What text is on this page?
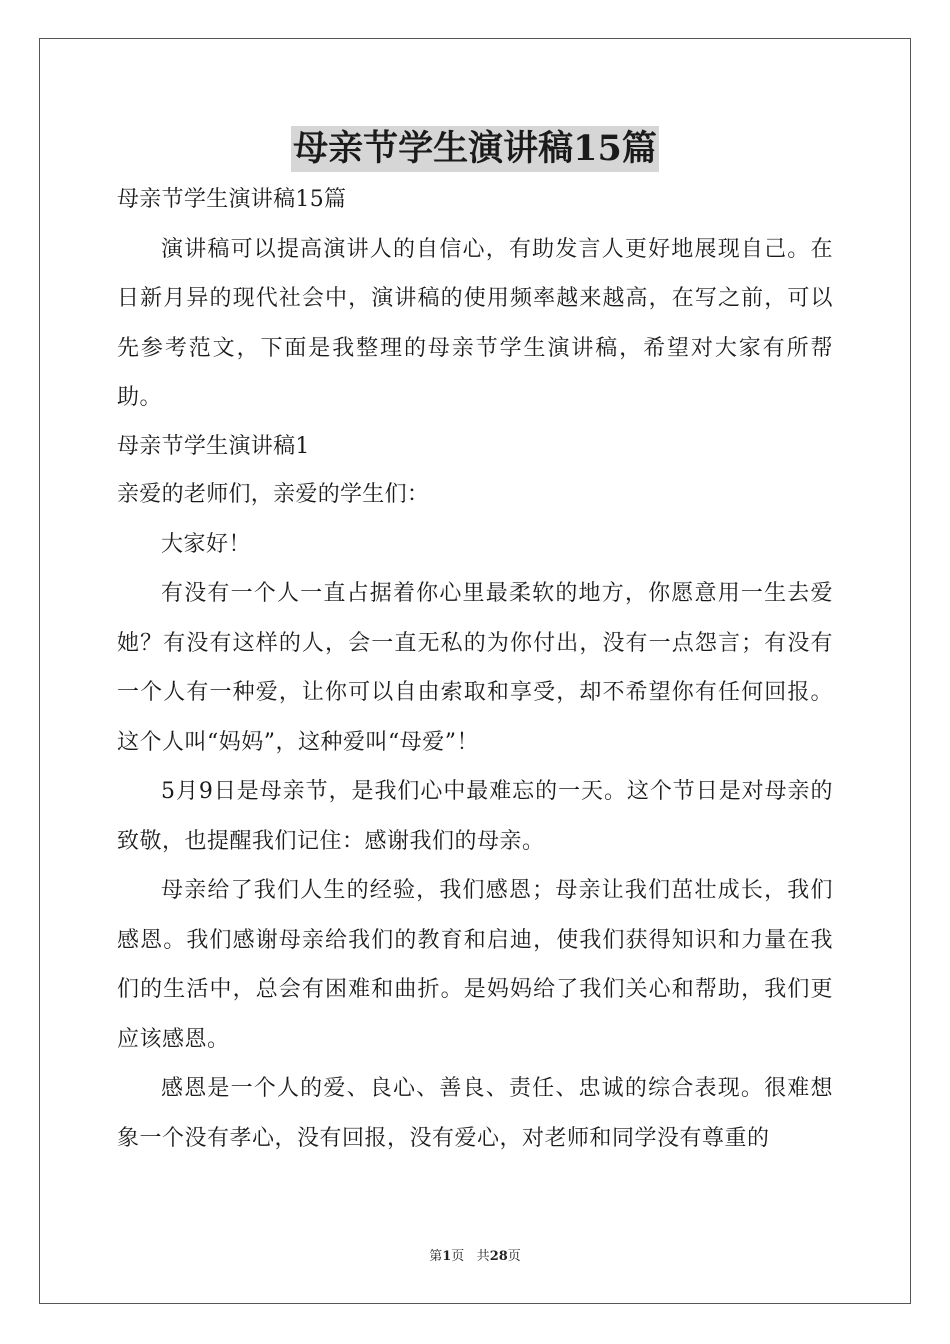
母亲节学生演讲稿15篇

母亲节学生演讲稿15篇

演讲稿可以提高演讲人的自信心，有助发言人更好地展现自己。在日新月异的现代社会中，演讲稿的使用频率越来越高，在写之前，可以先参考范文，下面是我整理的母亲节学生演讲稿，希望对大家有所帮助。

母亲节学生演讲稿1

亲爱的老师们，亲爱的学生们：

大家好！

有没有一个人一直占据着你心里最柔软的地方，你愿意用一生去爱她？有没有这样的人，会一直无私的为你付出，没有一点怨言；有没有一个人有一种爱，让你可以自由索取和享受，却不希望你有任何回报。这个人叫“妈妈”，这种爱叫“母爱”！

5月9日是母亲节，是我们心中最难忘的一天。这个节日是对母亲的致敬，也提醒我们记住：感谢我们的母亲。

母亲给了我们人生的经验，我们感恩；母亲让我们茁壮成长，我们感恩。我们感谢母亲给我们的教育和启迪，使我们获得知识和力量在我们的生活中，总会有困难和曲折。是妈妈给了我们关心和帮助，我们更应该感恩。

感恩是一个人的爱、良心、善良、责任、忠诚的综合表现。很难想象一个没有孝心，没有回报，没有爱心，对老师和同学没有尊重的

第1页 共28页
